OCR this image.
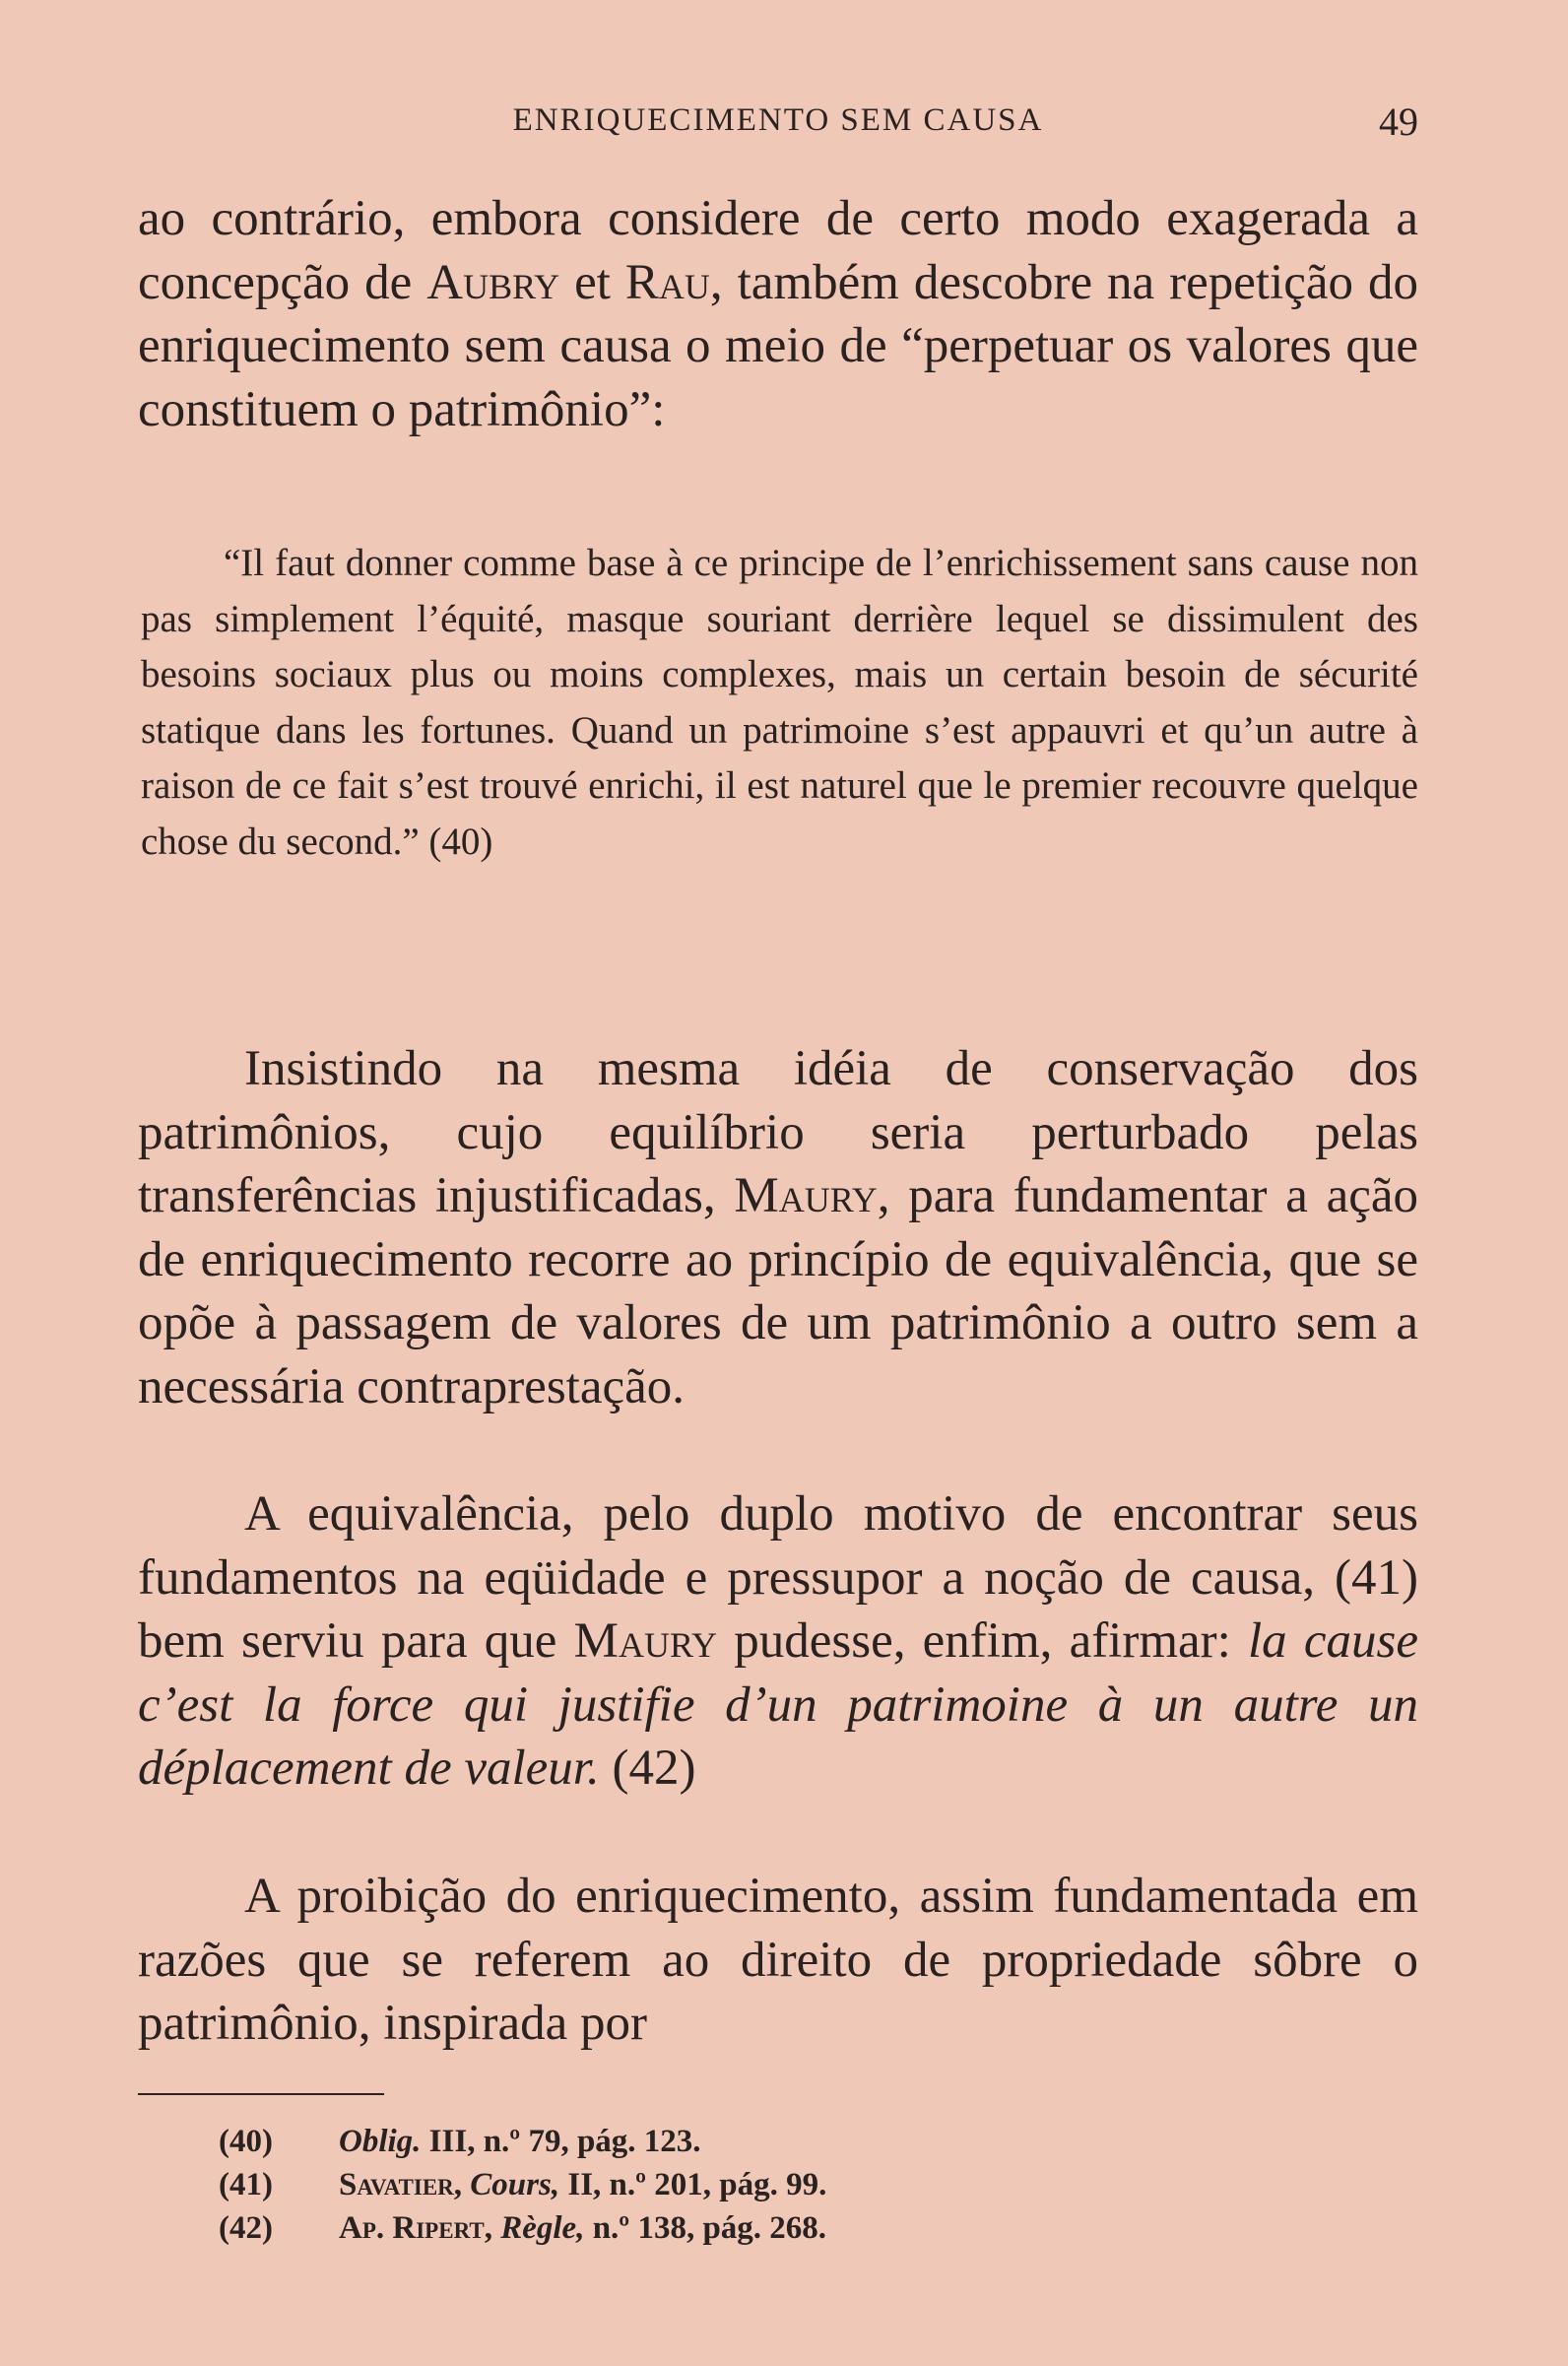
ENRIQUECIMENTO SEM CAUSA	49

ao contrário, embora considere de certo modo exagerada a concepção de Aubry et Rau, também descobre na repetição do enriquecimento sem causa o meio de “perpetuar os valores que constituem o patrimônio”:

“Il faut donner comme base à ce principe de l’enrichissement sans cause non pas simplement l’équité, masque souriant derrière lequel se dissimulent des besoins sociaux plus ou moins complexes, mais un certain besoin de sécurité statique dans les fortunes. Quand un patrimoine s’est appauvri et qu’un autre à raison de ce fait s’est trouvé enrichi, il est naturel que le premier recouvre quelque chose du second.” (40)

Insistindo na mesma idéia de conservação dos patrimônios, cujo equilíbrio seria perturbado pelas transferências injustificadas, Maury, para fundamentar a ação de enriquecimento recorre ao princípio de equivalência, que se opõe à passagem de valores de um patrimônio a outro sem a necessária contraprestação.

A equivalência, pelo duplo motivo de encontrar seus fundamentos na eqüidade e pressupor a noção de causa, (41) bem serviu para que Maury pudesse, enfim, afirmar: la cause c’est la force qui justifie d’un patrimoine à un autre un déplacement de valeur. (42)

A proibição do enriquecimento, assim fundamentada em razões que se referem ao direito de propriedade sôbre o patrimônio, inspirada por

(40)	Oblig. III, n.º 79, pág. 123.
(41)	Savatier, Cours, II, n.º 201, pág. 99.
(42)	Ap. Ripert, Règle, n.º 138, pág. 268.
